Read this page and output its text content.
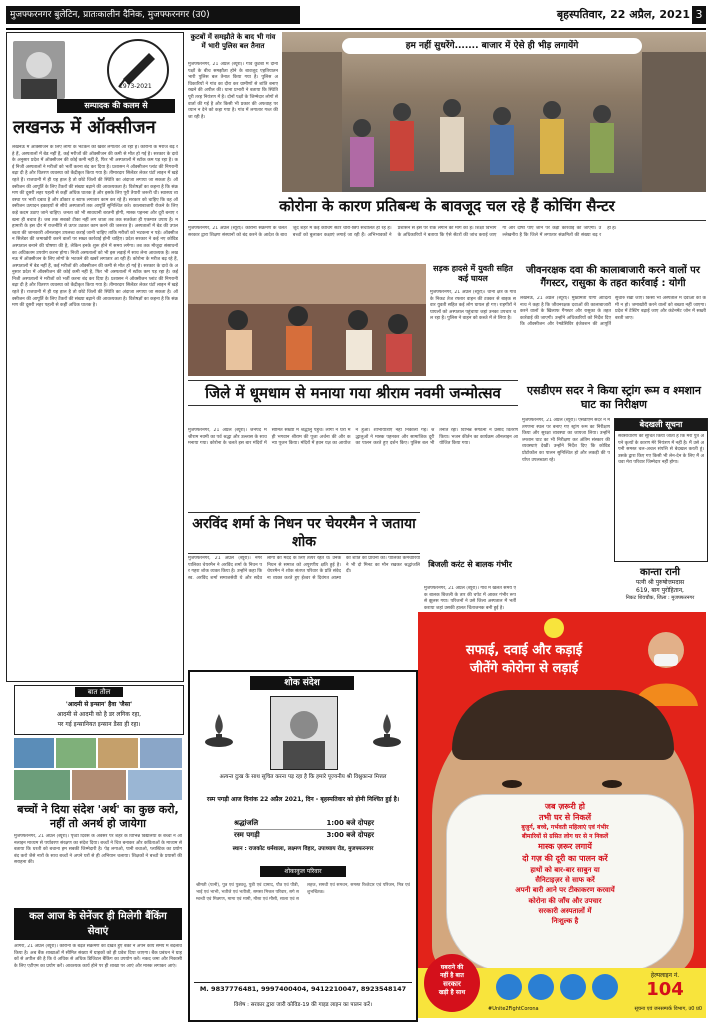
मुजफ्फरनगर बुलेटिन, प्रातःकालीन दैनिक, मुजफ्फरनगर (उ0)	बृहस्पतिवार, 22 अप्रैल, 2021 3
1973-2021
सम्पादक की कलम से
लखनऊ में ऑक्सीजन
लखनऊ में ऑक्सीजन के लिए लोगों के भटकने की खबरें लगातार आ रही हैं। कोरोना के मरीज बढ़ रहे हैं, अस्पतालों में बेड नहीं हैं, कई मरीजों की ऑक्सीजन की कमी से मौत हो गई है। सरकार के दावे के अनुसार प्रदेश में ऑक्सीजन की कोई कमी नहीं है, फिर भी अस्पतालों में स्टॉक कम पड़ रहा है। कई निजी अस्पतालों ने मरीजों को भर्ती करना बंद कर दिया है। प्रशासन ने ऑक्सीजन प्लांट की निगरानी बढ़ा दी है और वितरण व्यवस्था को केंद्रीकृत किया गया है। तीमारदार सिलेंडर लेकर घंटों लाइन में खड़े रहते हैं। राजधानी में ही यह हाल है तो छोटे जिलों की स्थिति का अंदाजा लगाया जा सकता है। ऑक्सीजन की आपूर्ति के लिए टैंकरों की संख्या बढ़ाने की आवश्यकता है। विशेषज्ञों का कहना है कि संक्रमण की दूसरी लहर पहली से कहीं अधिक घातक है और इसके लिए पूरी तैयारी जरूरी थी। स्वास्थ्य व्यवस्था पर भारी दबाव है और डॉक्टर व स्टाफ लगातार काम कर रहे हैं। सरकार को चाहिए कि वह ऑक्सीजन उत्पादन इकाइयों से सीधे अस्पतालों तक आपूर्ति सुनिश्चित करे। कालाबाजारी रोकने के लिए कड़े कदम उठाए जाने चाहिए। जनता को भी सावधानी बरतनी होगी, मास्क पहनना और दूरी बनाए रखना ही बचाव है। जब तक सबको टीका नहीं लग जाता तब तक सतर्कता ही एकमात्र उपाय है। महामारी के इस दौर में राजनीति से ऊपर उठकर काम करने की जरूरत है। अस्पतालों में बेड की उपलब्धता की जानकारी ऑनलाइन उपलब्ध कराई जानी चाहिए ताकि मरीजों को भटकना न पड़े। ऑक्सीजन सिलेंडर की जमाखोरी करने वालों पर सख्त कार्रवाई होनी चाहिए। प्रदेश सरकार ने कई नए कोविड अस्पताल बनाने की घोषणा की है, लेकिन इनके शुरू होने में समय लगेगा। तब तक मौजूदा संसाधनों का अधिकतम उपयोग करना होगा। निजी अस्पतालों को भी इस लड़ाई में साथ लेना आवश्यक है। लखनऊ में ऑक्सीजन के लिए लोगों के भटकने की खबरें लगातार आ रही हैं। कोरोना के मरीज बढ़ रहे हैं, अस्पतालों में बेड नहीं हैं, कई मरीजों की ऑक्सीजन की कमी से मौत हो गई है। सरकार के दावे के अनुसार प्रदेश में ऑक्सीजन की कोई कमी नहीं है, फिर भी अस्पतालों में स्टॉक कम पड़ रहा है। कई निजी अस्पतालों ने मरीजों को भर्ती करना बंद कर दिया है। प्रशासन ने ऑक्सीजन प्लांट की निगरानी बढ़ा दी है और वितरण व्यवस्था को केंद्रीकृत किया गया है। तीमारदार सिलेंडर लेकर घंटों लाइन में खड़े रहते हैं। राजधानी में ही यह हाल है तो छोटे जिलों की स्थिति का अंदाजा लगाया जा सकता है। ऑक्सीजन की आपूर्ति के लिए टैंकरों की संख्या बढ़ाने की आवश्यकता है। विशेषज्ञों का कहना है कि संक्रमण की दूसरी लहर पहली से कहीं अधिक घातक है।
बात तौल
'आदमी से इन्सान' हैवा 'जैसा'
आदमी से आदमी को है डर लगिक रहा,
पर गई इन्सानियत इन्सान डैसा ही रहा।
बच्चों ने दिया संदेश 'अर्थ' का कुछ करो, नहीं तो अनर्थ हो जायेगा
मुजफ्फरनगर, 21 अप्रैल (ब्यूरो)। पृथ्वी दिवस के अवसर पर शहर के विभिन्न विद्यालयों के बच्चों ने ऑनलाइन माध्यम से पर्यावरण संरक्षण का संदेश दिया। बच्चों ने चित्र बनाकर और कविताओं के माध्यम से बताया कि धरती को बचाना हम सबकी जिम्मेदारी है। पेड़ लगाओ, पानी बचाओ, प्लास्टिक का प्रयोग बंद करो जैसे नारों के साथ बच्चों ने अपने घरों से ही अभियान चलाया। शिक्षकों ने बच्चों के प्रयासों की सराहना की।
कल आज के सेनेंजर ही मिलेगी बैंकिंग सेवाएं
आगरा, 21 अप्रैल (ब्यूरो)। कोरोना के बढ़ते संक्रमण को देखते हुए बैंकों ने अपने कार्य समय में बदलाव किया है। अब बैंक शाखाओं में सीमित संख्या में ग्राहकों को ही प्रवेश दिया जाएगा। बैंक प्रबंधन ने ग्राहकों से अपील की है कि वे अधिक से अधिक डिजिटल बैंकिंग का उपयोग करें। नकद जमा और निकासी के लिए एटीएम का प्रयोग करें। आवश्यक कार्य होने पर ही शाखा पर आएं और मास्क लगाकर आएं।
कुटबों में समझौते के बाद भी गांव में भारी पुलिस बल तैनात
मुजफ्फरनगर, 21 अप्रैल (ब्यूरो)। गांव कुटबा में दोनों पक्षों के बीच समझौता होने के बावजूद एहतियातन भारी पुलिस बल तैनात किया गया है। पुलिस अधिकारियों ने गांव का दौरा कर ग्रामीणों से शांति बनाए रखने की अपील की। थाना प्रभारी ने बताया कि स्थिति पूरी तरह नियंत्रण में है। दोनों पक्षों के जिम्मेदार लोगों से वार्ता की गई है और किसी भी प्रकार की अफवाह पर ध्यान न देने को कहा गया है। गांव में लगातार गश्त की जा रही है।
हम नहीं सुधरेंगे....... बाजार में ऐसे ही भीड़ लगायेंगे
कोरोना के कारण प्रतिबन्ध के बावजूद चल रहे हैं कोचिंग सैन्टर
मुजफ्फरनगर, 21 अप्रैल (ब्यूरो)। कोरोना संक्रमण के चलते सरकार द्वारा शिक्षण संस्थानों को बंद करने के आदेश के बावजूद शहर में कई कोचिंग सेंटर चोरी-छिपे संचालित हो रहे हैं। बच्चों को बुलाकर कक्षाएं लगाई जा रही हैं। अभिभावकों ने प्रशासन से इस पर रोक लगाने की मांग की है। शिक्षा विभाग के अधिकारियों ने बताया कि ऐसे सेंटरों की जांच कराई जाएगी और दोषी पाए जाने पर कड़ी कार्रवाई की जाएगी। उल्लेखनीय है कि जिले में लगातार संक्रमितों की संख्या बढ़ रही है।
सड़क हादसे में युवती सहित कई घायल
मुजफ्फरनगर, 21 अप्रैल (ब्यूरो)। थाना क्षेत्र के गांव के निकट तेज रफ्तार वाहन की टक्कर से बाइक सवार युवती सहित कई लोग घायल हो गए। राहगीरों ने घायलों को अस्पताल पहुंचाया जहां उनका उपचार चल रहा है। पुलिस ने वाहन को कब्जे में ले लिया है।
जीवनरक्षक दवा की कालाबाजारी करने वालों पर गैंगस्टर, रासुका के तहत कार्रवाई : योगी
लखनऊ, 21 अप्रैल (ब्यूरो)। मुख्यमंत्री योगी आदित्यनाथ ने कहा है कि जीवनरक्षक दवाओं की कालाबाजारी करने वालों के खिलाफ गैंगस्टर और रासुका के तहत कार्रवाई की जाएगी। उन्होंने अधिकारियों को निर्देश दिए कि ऑक्सीजन और रेमडेसिविर इंजेक्शन की आपूर्ति सुचारु रखी जाए। किसी भी अस्पताल में दवाओं की कमी न हो। जमाखोरी करने वालों को बख्शा नहीं जाएगा। प्रदेश में टेस्टिंग बढ़ाई जाए और कंटेनमेंट जोन में सख्ती बरती जाए।
जिले में धूमधाम से मनाया गया श्रीराम नवमी जन्मोत्सव
मुजफ्फरनगर, 21 अप्रैल (ब्यूरो)। जनपद में श्रीराम नवमी का पर्व श्रद्धा और उल्लास के साथ मनाया गया। कोरोना के चलते इस बार मंदिरों में सीमित संख्या में श्रद्धालु पहुंचे। लोगों ने घरों में ही भगवान श्रीराम की पूजा अर्चना की और कन्या पूजन किया। मंदिरों में हवन यज्ञ का आयोजन हुआ। शोभायात्राएं नहीं निकाली गईं। श्रद्धालुओं ने मास्क पहनकर और सामाजिक दूरी का पालन करते हुए दर्शन किए। पुलिस बल भी तैनात रहा। विभिन्न संगठनों ने प्रसाद वितरण किया। भजन कीर्तन का कार्यक्रम ऑनलाइन आयोजित किया गया।
अरविंद शर्मा के निधन पर चेयरमैन ने जताया शोक
मुजफ्फरनगर, 21 अप्रैल (ब्यूरो)। नगर पालिका चेयरमैन ने अरविंद शर्मा के निधन पर गहरा शोक व्यक्त किया है। उन्होंने कहा कि स्व. अरविंद शर्मा समाजसेवी थे और सदैव लोगों की मदद के लिए तत्पर रहते थे। उनके निधन से समाज को अपूरणीय क्षति हुई है। चेयरमैन ने शोक संतप्त परिवार के प्रति संवेदना व्यक्त करते हुए ईश्वर से दिवंगत आत्मा की शांति की प्रार्थना की। पालिका कर्मचारियों ने भी दो मिनट का मौन रखकर श्रद्धांजलि दी।
बिजली करंट से बालक गंभीर
मुजफ्फरनगर, 21 अप्रैल (ब्यूरो)। गांव में खेलते समय एक बालक बिजली के तार की चपेट में आकर गंभीर रूप से झुलस गया। परिजनों ने उसे जिला अस्पताल में भर्ती कराया जहां उसकी हालत चिंताजनक बनी हुई है।
एसडीएम सदर ने किया स्ट्रांग रूम व श्मशान घाट का निरीक्षण
मुजफ्फरनगर, 21 अप्रैल (ब्यूरो)। एसडीएम सदर ने मतगणना स्थल पर बनाए गए स्ट्रांग रूम का निरीक्षण किया और सुरक्षा व्यवस्था का जायजा लिया। उन्होंने श्मशान घाट का भी निरीक्षण कर अंतिम संस्कार की व्यवस्थाएं देखीं। उन्होंने निर्देश दिए कि कोविड प्रोटोकॉल का पालन सुनिश्चित हो और लकड़ी की पर्याप्त उपलब्धता रहे।
बेदखली सूचना
सर्वसाधारण को सूचित किया जाता है कि मेरा पुत्र अपने कृत्यों के कारण मेरे नियंत्रण में नहीं है। मैं उसे अपनी समस्त चल-अचल संपत्ति से बेदखल करती हूं। उसके द्वारा किए गए किसी भी लेन-देन के लिए मैं अथवा मेरा परिवार जिम्मेदार नहीं होगा।
कान्ता रानी
पत्नी श्री पुरुषोत्तमदास
619, बाग पुरोहितान,
निकट शिवचौक, जिला : मुजफ्फरनगर
शोक संदेश
अत्यन्त दुःख के साथ सूचित करना पड़ रहा है कि हमारे पूज्यनीय श्री विश्नुकान्त मित्तल
रस्म पगड़ी आज दिनांक 22 अप्रैल 2021, दिन - बृहस्पतिवार को होनी निश्चित हुई है।
श्रद्धांजलि	1:00 बजे दोपहर
रस्म पगड़ी	3:00 बजे दोपहर
स्थान : राजकोट धर्मशाला, लक्ष्मण विहार, उपाध्याय रोड, मुजफ्फरनगर
शोकाकुल परिवार
श्रीमती (पत्नी), पुत्र एवं पुत्रवधू, पुत्री एवं दामाद, पौत्र एवं पौत्री, भाई एवं भाभी, भतीजे एवं भतीजी, समस्त मित्तल परिवार, सगे सम्बन्धी एवं मित्रगण, मामा एवं मामी, मौसा एवं मौसी, साला एवं सलहज, समधी एवं समधन, समस्त रिश्तेदार एवं परिजन, मित्र एवं शुभचिंतक।
M. 9837776481, 9997400404, 9412210047, 8923548147
विशेष : सरकार द्वारा जारी कोविड-19 की गाइड लाइन का पालन करें।
सफाई, दवाई और कड़ाई
जीतेंगे कोरोना से लड़ाई
जब ज़रूरी हो
तभी घर से निकलें
बुजुर्ग, बच्चे, गर्भवती महिलाएं एवं गंभीर
बीमारियों से ग्रसित लोग घर से न निकलें
मास्क ज़रूर लगायें
दो गज़ की दूरी का पालन करें
हाथों को बार-बार साबुन या
सैनिटाइज़र से साफ करें
अपनी बारी आने पर टीकाकरण करवायें
कोरोना की जाँच और उपचार
सरकारी अस्पतालों में
निःशुल्क है
घबराने की
नहीं है बात
सरकार
खड़ी है साथ
हेल्पलाइन नं.
104
#Unite2FightCorona	सूचना एवं जनसम्पर्क विभाग, उ0 प्र0
